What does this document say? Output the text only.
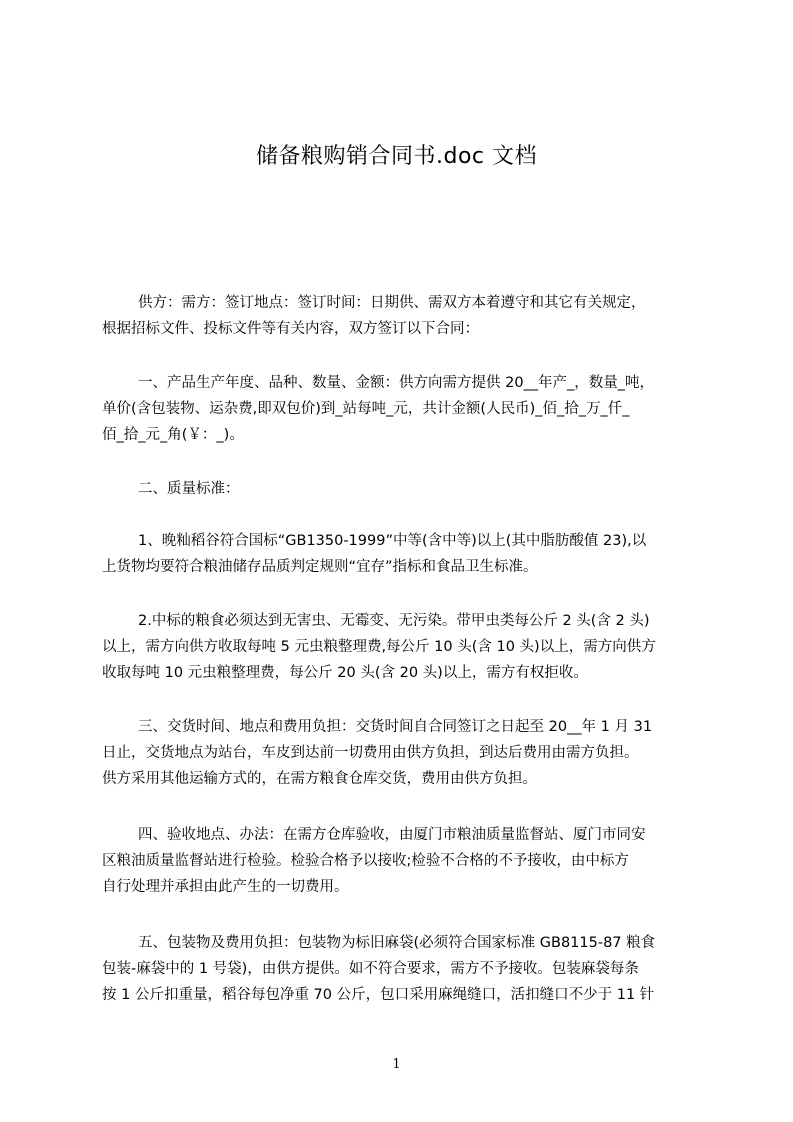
储备粮购销合同书.doc 文档
供方：需方：签订地点：签订时间：日期供、需双方本着遵守和其它有关规定，
根据招标文件、投标文件等有关内容，双方签订以下合同：
一、产品生产年度、品种、数量、金额：供方向需方提供 20__年产_，数量_吨，
单价(含包装物、运杂费,即双包价)到_站每吨_元，共计金额(人民币)_佰_拾_万_仟_
佰_拾_元_角(￥：_)。
二、质量标准：
1、晚籼稻谷符合国标“GB1350-1999”中等(含中等)以上(其中脂肪酸值 23),以
上货物均要符合粮油储存品质判定规则“宜存”指标和食品卫生标准。
2.中标的粮食必须达到无害虫、无霉变、无污染。带甲虫类每公斤 2 头(含 2 头)
以上，需方向供方收取每吨 5 元虫粮整理费,每公斤 10 头(含 10 头)以上，需方向供方
收取每吨 10 元虫粮整理费，每公斤 20 头(含 20 头)以上，需方有权拒收。
三、交货时间、地点和费用负担：交货时间自合同签订之日起至 20__年 1 月 31
日止，交货地点为站台，车皮到达前一切费用由供方负担，到达后费用由需方负担。
供方采用其他运输方式的，在需方粮食仓库交货，费用由供方负担。
四、验收地点、办法：在需方仓库验收，由厦门市粮油质量监督站、厦门市同安
区粮油质量监督站进行检验。检验合格予以接收;检验不合格的不予接收，由中标方
自行处理并承担由此产生的一切费用。
五、包装物及费用负担：包装物为标旧麻袋(必须符合国家标准 GB8115-87 粮食
包装-麻袋中的 1 号袋)，由供方提供。如不符合要求，需方不予接收。包装麻袋每条
按 1 公斤扣重量，稻谷每包净重 70 公斤，包口采用麻绳缝口，活扣缝口不少于 11 针
1
